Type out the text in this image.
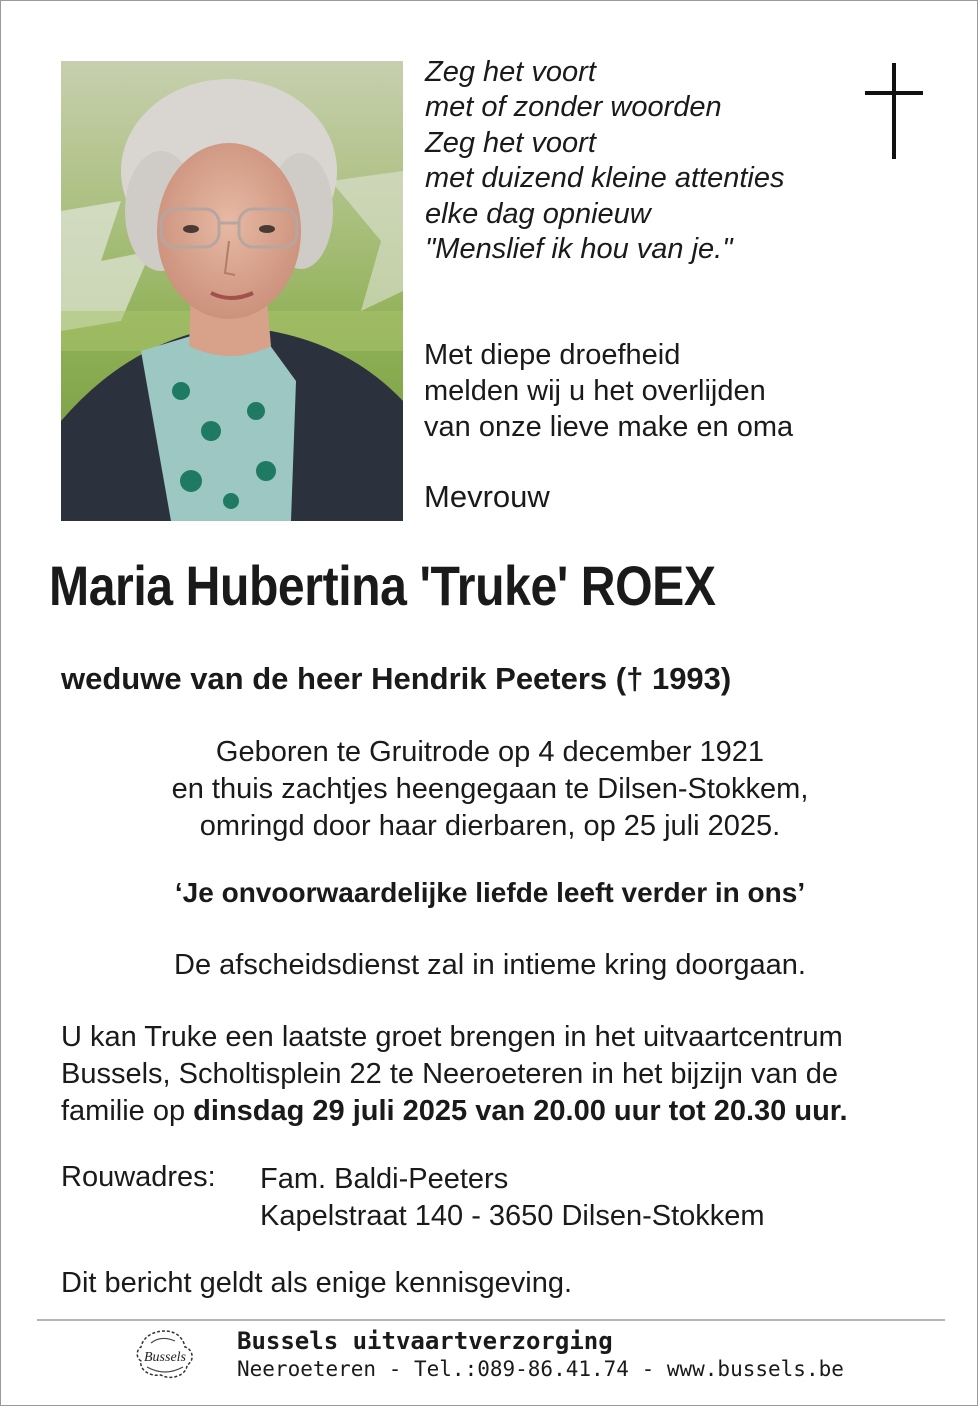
Zeg het voort
met of zonder woorden
Zeg het voort
met duizend kleine attenties
elke dag opnieuw
"Menslief ik hou van je."
Met diepe droefheid
melden wij u het overlijden
van onze lieve make en oma
Mevrouw
Maria Hubertina 'Truke' ROEX
weduwe van de heer Hendrik Peeters († 1993)
Geboren te Gruitrode op 4 december 1921
en thuis zachtjes heengegaan te Dilsen-Stokkem,
omringd door haar dierbaren, op 25 juli 2025.
‘Je onvoorwaardelijke liefde leeft verder in ons’
De afscheidsdienst zal in intieme kring doorgaan.
U kan Truke een laatste groet brengen in het uitvaartcentrum
Bussels, Scholtisplein 22 te Neeroeteren in het bijzijn van de
familie op dinsdag 29 juli 2025 van 20.00 uur tot 20.30 uur.
Rouwadres: Fam. Baldi-Peeters
Kapelstraat 140 - 3650 Dilsen-Stokkem
Dit bericht geldt als enige kennisgeving.
Bussels
Bussels uitvaartverzorging
Neeroeteren - Tel.:089-86.41.74 - www.bussels.be
